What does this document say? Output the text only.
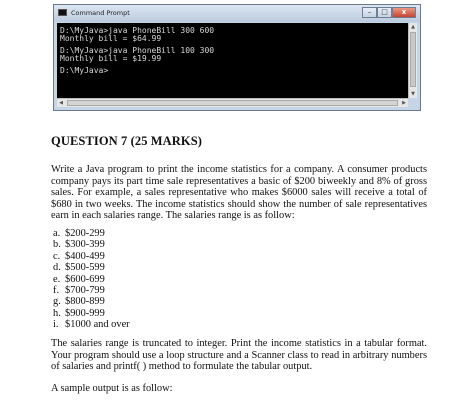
Command Prompt	–	□	x
D:\MyJava>java PhoneBill 300 600
Monthly bill = $64.99
D:\MyJava>java PhoneBill 100 300
Monthly bill = $19.99
D:\MyJava>
▲
▼
◀	▶
QUESTION 7 (25 MARKS)
Write a Java program to print the income statistics for a company. A consumer products company pays its part time sale representatives a basic of $200 biweekly and 8% of gross sales. For example, a sales representative who makes $6000 sales will receive a total of $680 in two weeks. The income statistics should show the number of sale representatives earn in each salaries range. The salaries range is as follow:
a. $200-299
b. $300-399
c. $400-499
d. $500-599
e. $600-699
f. $700-799
g. $800-899
h. $900-999
i. $1000 and over
The salaries range is truncated to integer. Print the income statistics in a tabular format. Your program should use a loop structure and a Scanner class to read in arbitrary numbers of salaries and printf( ) method to formulate the tabular output.
A sample output is as follow:
